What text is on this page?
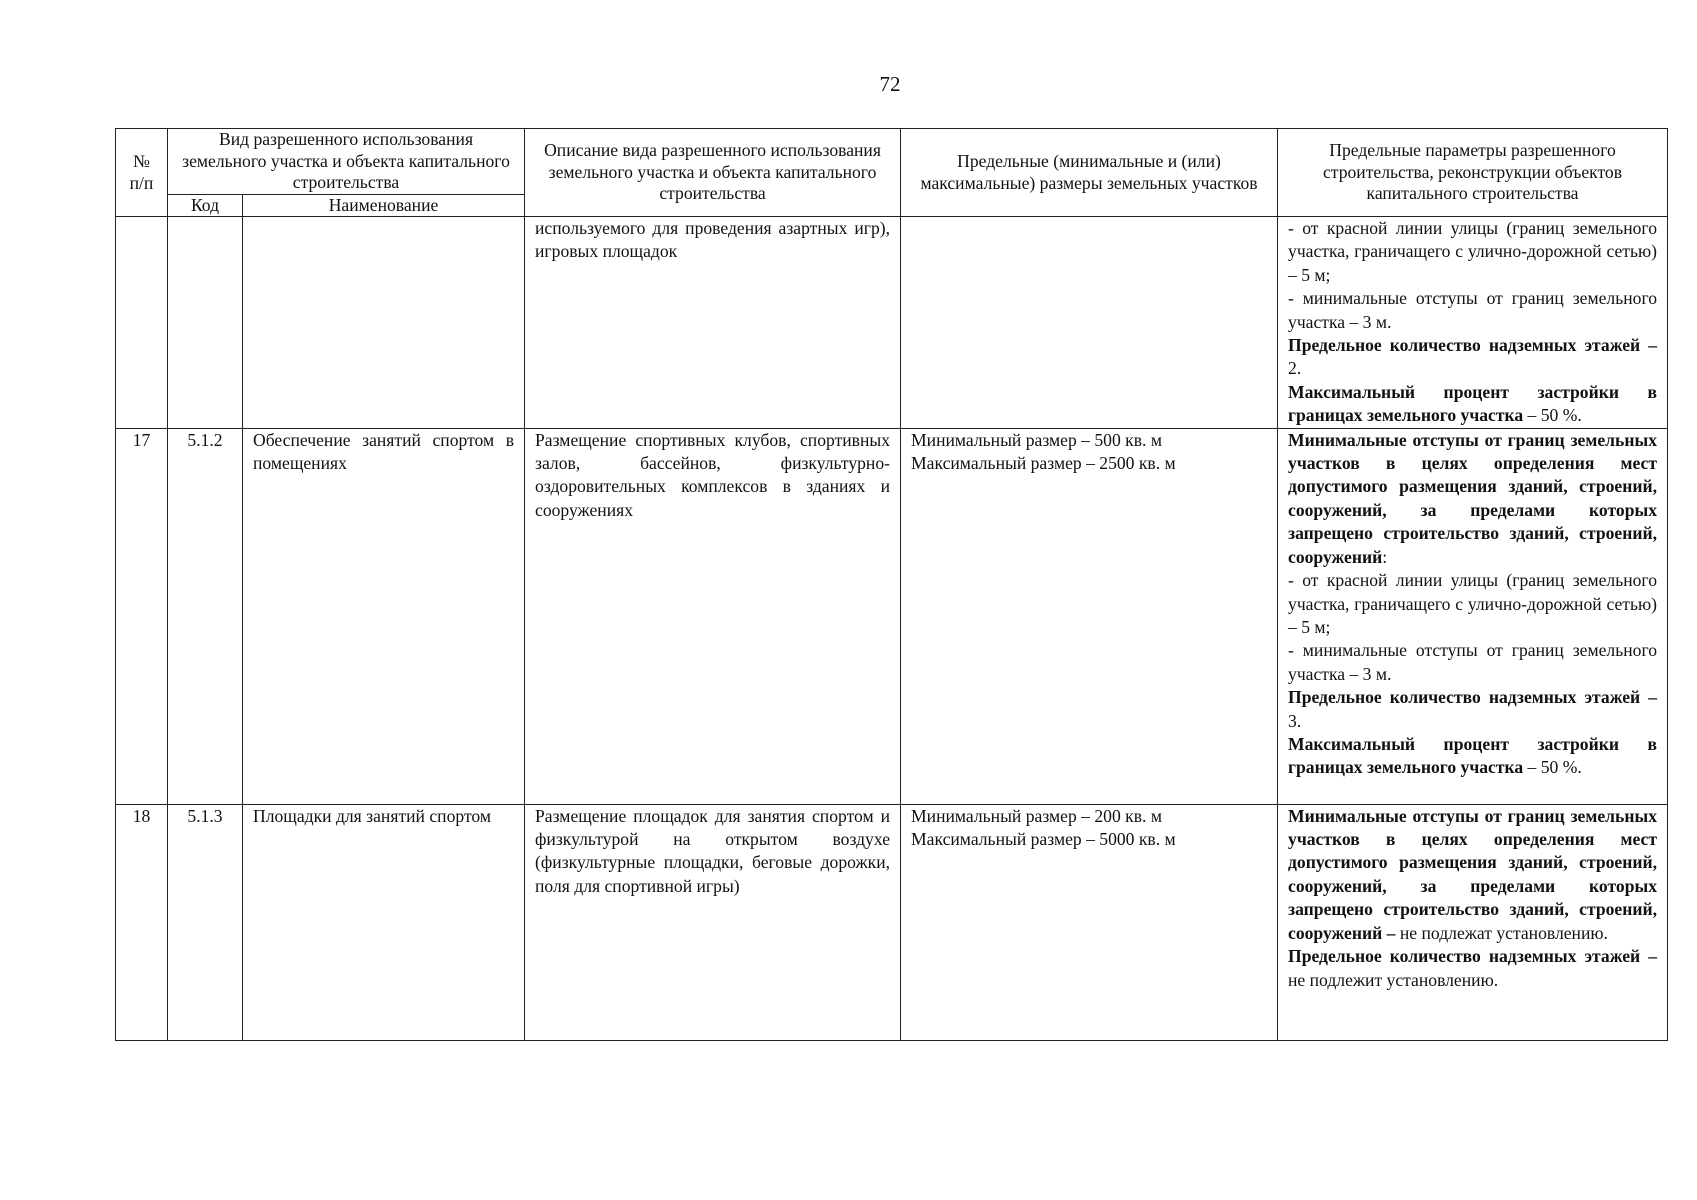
72
№ п/п	Вид разрешенного использования земельного участка и объекта капитального строительства		Описание вида разрешенного использования земельного участка и объекта капитального строительства	Предельные (минимальные и (или) максимальные) размеры земельных участков	Предельные параметры разрешенного строительства, реконструкции объектов капитального строительства
	Код	Наименование			
			используемого для проведения азартных игр), игровых площадок		- от красной линии улицы (границ земельного участка, граничащего с улично-дорожной сетью) – 5 м;
- минимальные отступы от границ земельного участка – 3 м.
Предельное количество надземных этажей – 2.
Максимальный процент застройки в границах земельного участка – 50 %.

17	5.1.2	Обеспечение занятий спортом в помещениях	Размещение спортивных клубов, спортивных залов, бассейнов, физкультурно-оздоровительных комплексов в зданиях и сооружениях	Минимальный размер – 500 кв. м
Максимальный размер – 2500 кв. м	Минимальные отступы от границ земельных участков в целях определения мест допустимого размещения зданий, строений, сооружений, за пределами которых запрещено строительство зданий, строений, сооружений:
- от красной линии улицы (границ земельного участка, граничащего с улично-дорожной сетью) – 5 м;
- минимальные отступы от границ земельного участка – 3 м.
Предельное количество надземных этажей – 3.
Максимальный процент застройки в границах земельного участка – 50 %.

18	5.1.3	Площадки для занятий спортом	Размещение площадок для занятия спортом и физкультурой на открытом воздухе (физкультурные площадки, беговые дорожки, поля для спортивной игры)	Минимальный размер – 200 кв. м
Максимальный размер – 5000 кв. м	Минимальные отступы от границ земельных участков в целях определения мест допустимого размещения зданий, строений, сооружений, за пределами которых запрещено строительство зданий, строений, сооружений – не подлежат установлению.
Предельное количество надземных этажей – не подлежит установлению.
